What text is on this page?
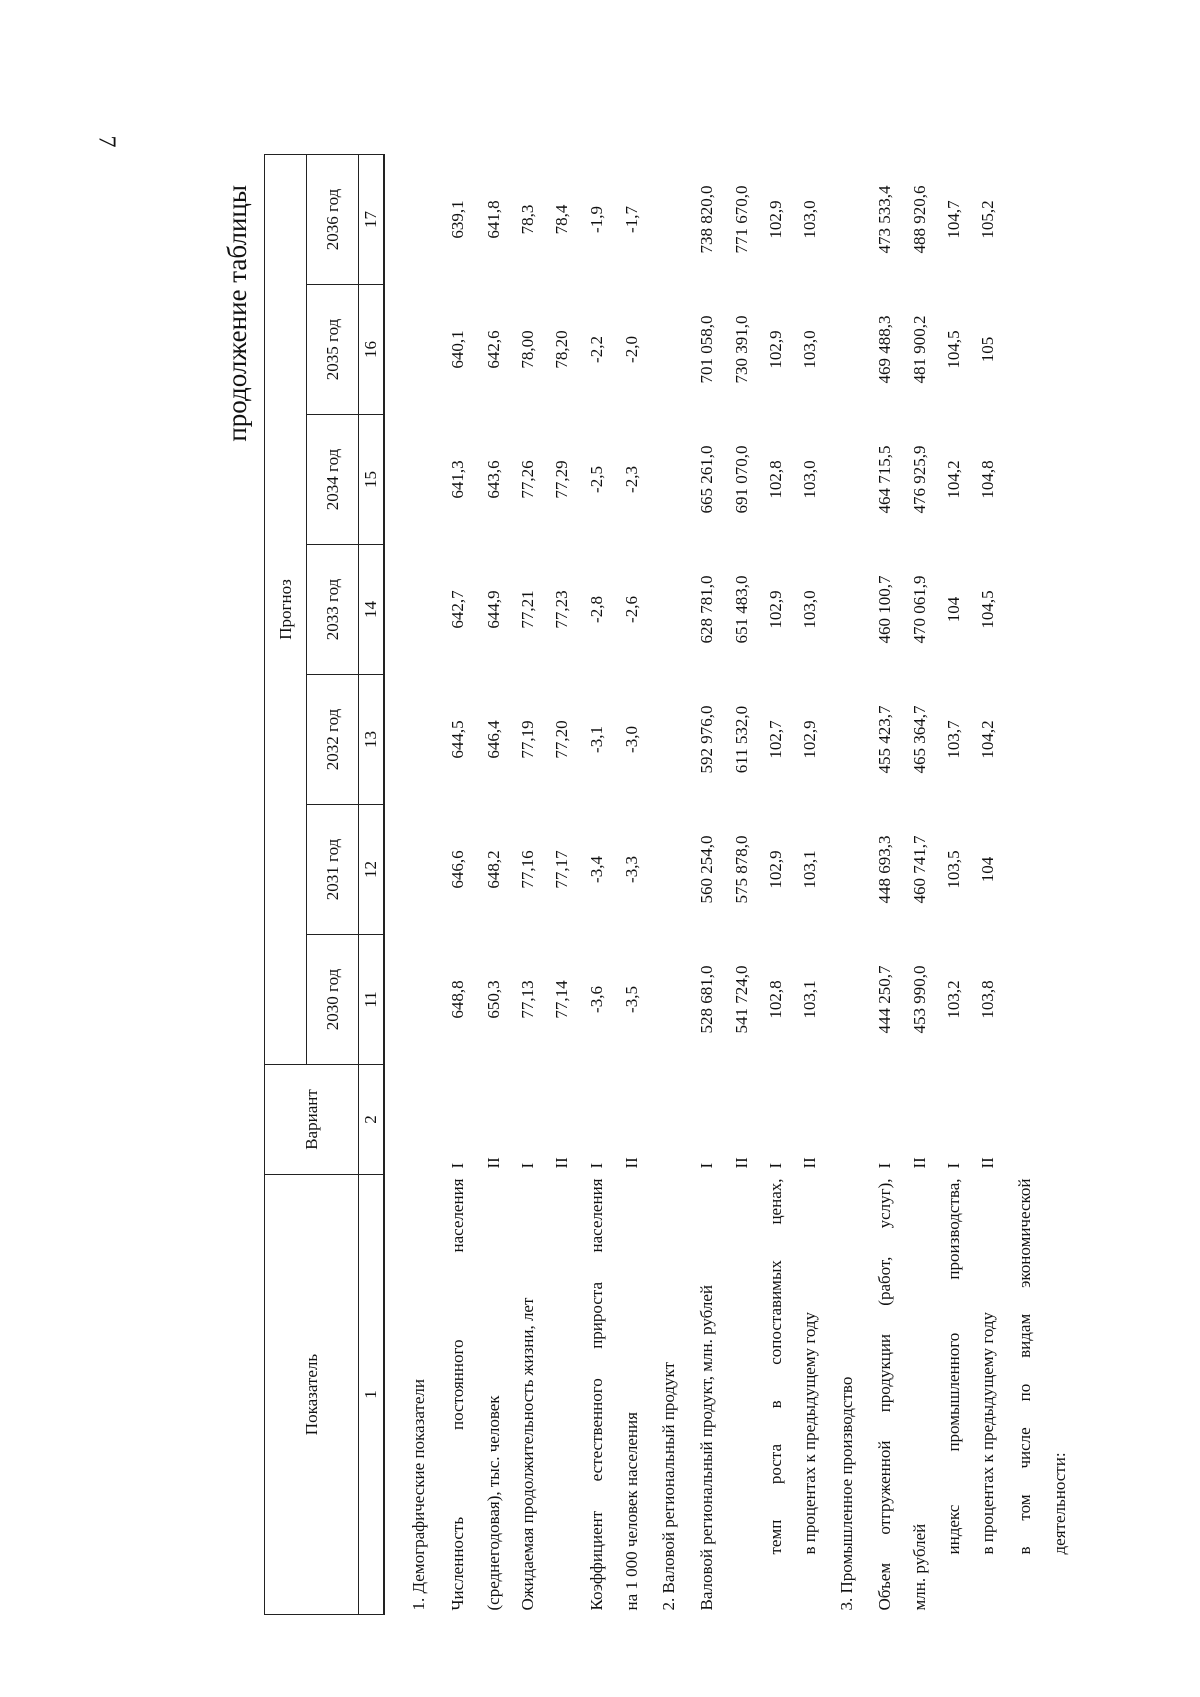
7
продолжение таблицы
Показатель	Вариант	Прогноз						
		2030 год	2031 год	2032 год	2033 год	2034 год	2035 год	2036 год
1	2	11	12	13	14	15	16	17
1. Демографические показатели								
Численность постоянного населения	I	648,8	646,6	644,5	642,7	641,3	640,1	639,1
(среднегодовая), тыс. человек	II	650,3	648,2	646,4	644,9	643,6	642,6	641,8
Ожидаемая продолжительность жизни, лет	I	77,13	77,16	77,19	77,21	77,26	78,00	78,3
	II	77,14	77,17	77,20	77,23	77,29	78,20	78,4
Коэффициент естественного прироста населения	I	-3,6	-3,4	-3,1	-2,8	-2,5	-2,2	-1,9
на 1 000 человек населения	II	-3,5	-3,3	-3,0	-2,6	-2,3	-2,0	-1,7
2. Валовой региональный продукт								
Валовой региональный продукт, млн. рублей	I	528 681,0	560 254,0	592 976,0	628 781,0	665 261,0	701 058,0	738 820,0
	II	541 724,0	575 878,0	611 532,0	651 483,0	691 070,0	730 391,0	771 670,0
темп роста в сопоставимых ценах,	I	102,8	102,9	102,7	102,9	102,8	102,9	102,9
в процентах к предыдущему году	II	103,1	103,1	102,9	103,0	103,0	103,0	103,0
3. Промышленное производство								
Объем отгруженной продукции (работ, услуг),	I	444 250,7	448 693,3	455 423,7	460 100,7	464 715,5	469 488,3	473 533,4
млн. рублей	II	453 990,0	460 741,7	465 364,7	470 061,9	476 925,9	481 900,2	488 920,6
индекс промышленного производства,	I	103,2	103,5	103,7	104	104,2	104,5	104,7
в процентах к предыдущему году	II	103,8	104	104,2	104,5	104,8	105	105,2
в том числе по видам экономической								
деятельности:								
